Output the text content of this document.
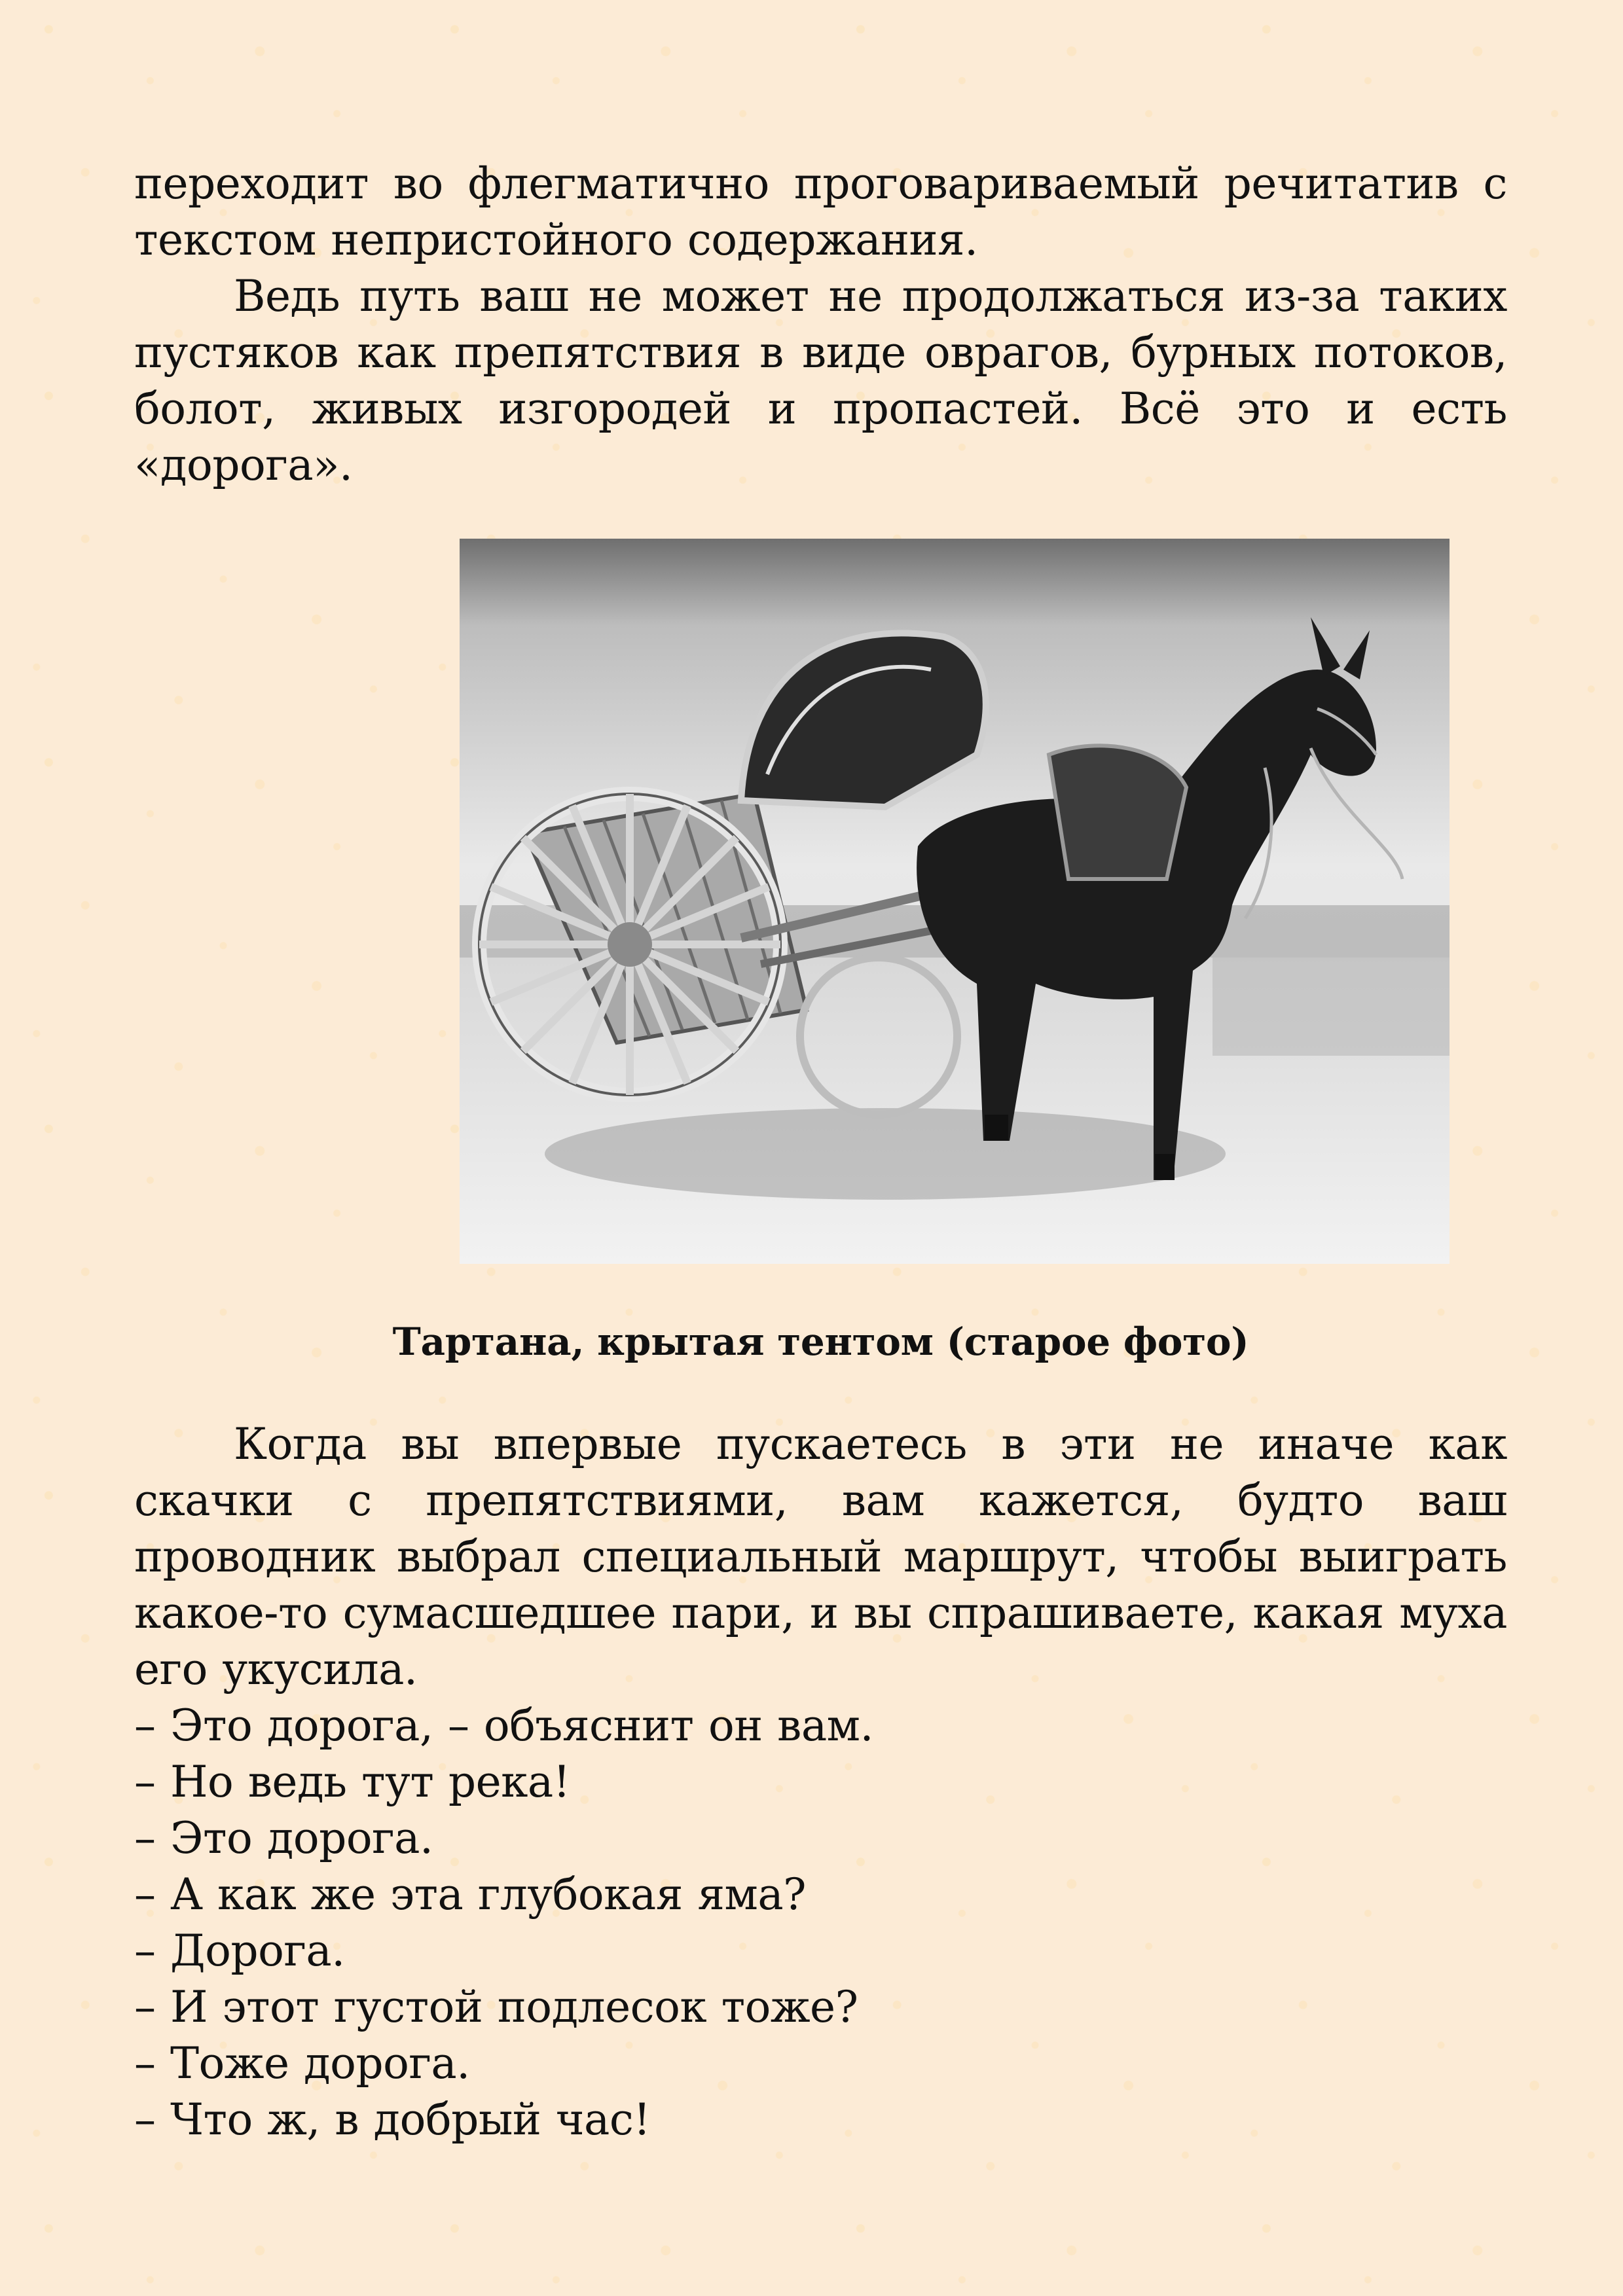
переходит во флегматично проговариваемый речитатив с текстом непристойного содержания.

Ведь путь ваш не может не продолжаться из-за таких пустяков как препятствия в виде оврагов, бурных потоков, болот, живых изгородей и пропастей. Всё это и есть «дорога».

Тартана, крытая тентом (старое фото)

Когда вы впервые пускаетесь в эти не иначе как скачки с препятствиями, вам кажется, будто ваш проводник выбрал специальный маршрут, чтобы выиграть какое-то сумасшедшее пари, и вы спрашиваете, какая муха его укусила.

– Это дорога, – объяснит он вам.

– Но ведь тут река!

– Это дорога.

– А как же эта глубокая яма?

– Дорога.

– И этот густой подлесок тоже?

– Тоже дорога.

– Что ж, в добрый час!
